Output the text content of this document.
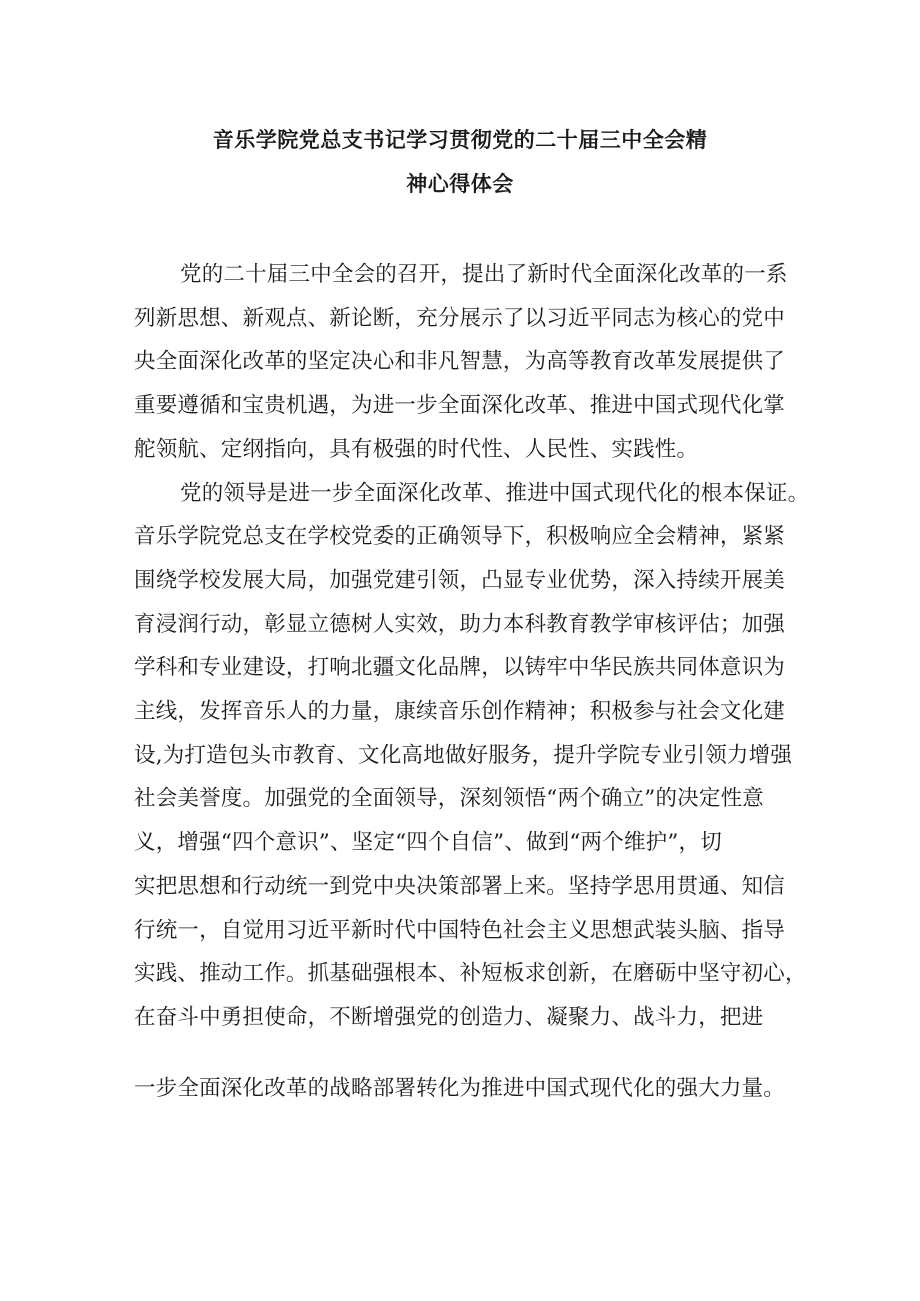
音乐学院党总支书记学习贯彻党的二十届三中全会精
神心得体会
党的二十届三中全会的召开，提出了新时代全面深化改革的一系
列新思想、新观点、新论断，充分展示了以习近平同志为核心的党中
央全面深化改革的坚定决心和非凡智慧，为高等教育改革发展提供了
重要遵循和宝贵机遇，为进一步全面深化改革、推进中国式现代化掌
舵领航、定纲指向，具有极强的时代性、人民性、实践性。
党的领导是进一步全面深化改革、推进中国式现代化的根本保证。
音乐学院党总支在学校党委的正确领导下，积极响应全会精神，紧紧
围绕学校发展大局，加强党建引领，凸显专业优势，深入持续开展美
育浸润行动，彰显立德树人实效，助力本科教育教学审核评估；加强
学科和专业建设，打响北疆文化品牌，以铸牢中华民族共同体意识为
主线，发挥音乐人的力量，康续音乐创作精神；积极参与社会文化建
设,为打造包头市教育、文化高地做好服务，提升学院专业引领力增强
社会美誉度。加强党的全面领导，深刻领悟“两个确立”的决定性意
义，增强“四个意识”、坚定“四个自信”、做到“两个维护”，切
实把思想和行动统一到党中央决策部署上来。坚持学思用贯通、知信
行统一，自觉用习近平新时代中国特色社会主义思想武装头脑、指导
实践、推动工作。抓基础强根本、补短板求创新，在磨砺中坚守初心，
在奋斗中勇担使命，不断增强党的创造力、凝聚力、战斗力，把进
一步全面深化改革的战略部署转化为推进中国式现代化的强大力量。
